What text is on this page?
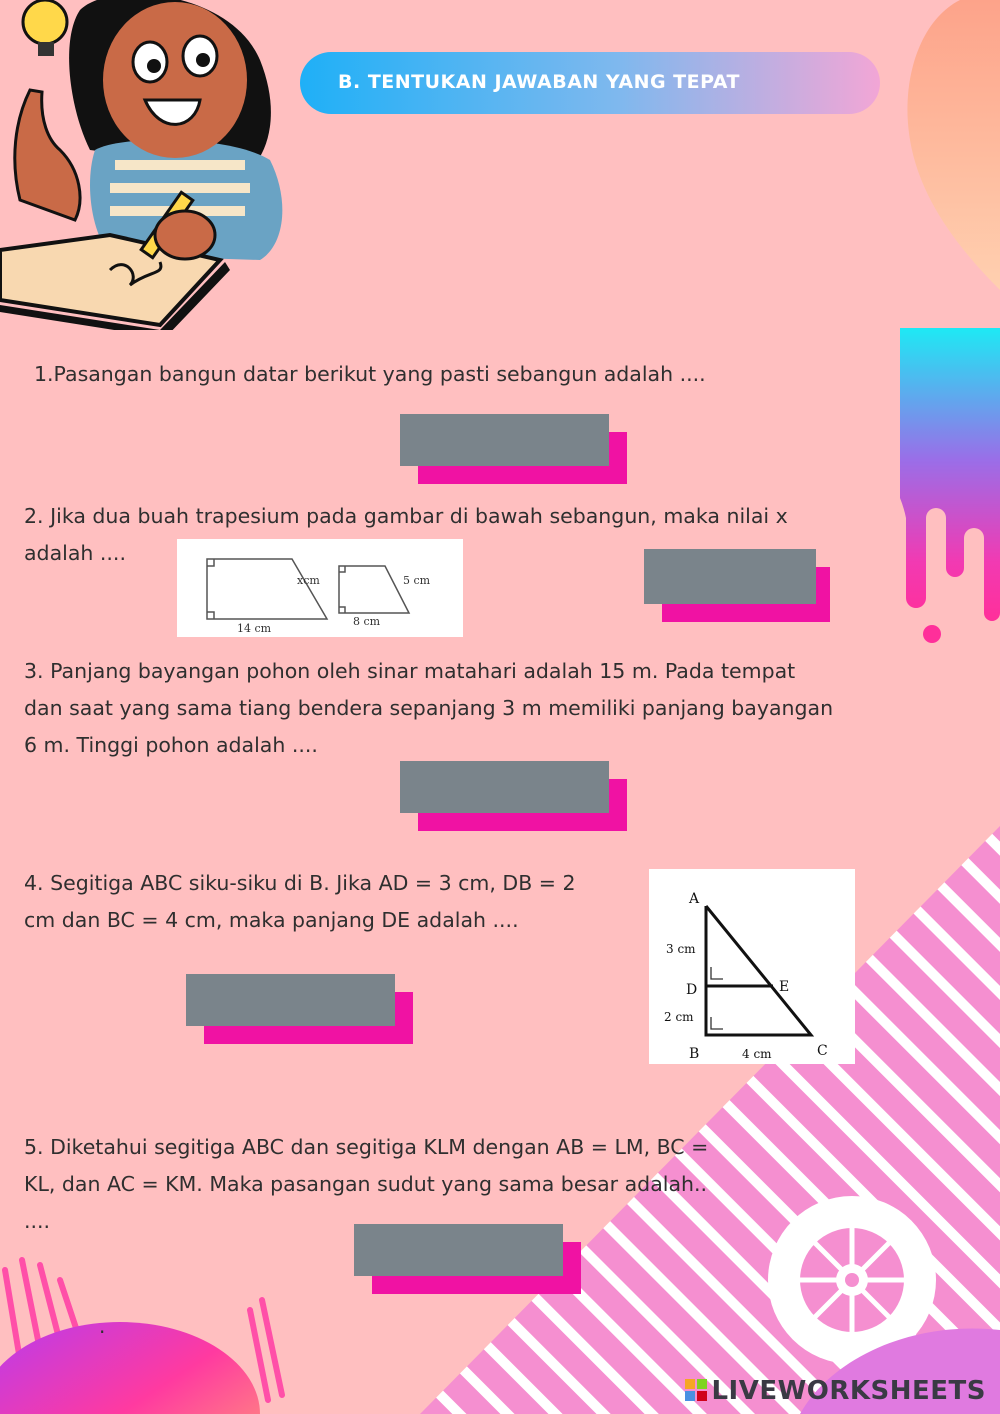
.
B. TENTUKAN JAWABAN YANG TEPAT
1.Pasangan bangun datar berikut yang pasti sebangun adalah ....
2. Jika dua buah trapesium pada gambar di bawah sebangun, maka nilai x
adalah ....
xcm
14 cm
5 cm
8 cm
3. Panjang bayangan pohon oleh sinar matahari adalah 15 m. Pada tempat
dan saat yang sama tiang bendera sepanjang 3 m memiliki panjang bayangan
6 m. Tinggi pohon adalah ....
4. Segitiga ABC siku-siku di B. Jika AD = 3 cm, DB = 2
cm dan BC = 4 cm, maka panjang DE adalah ....
A
D	E
B	C
3 cm
2 cm
4 cm
5. Diketahui segitiga ABC dan segitiga KLM dengan AB = LM, BC =
KL, dan AC = KM. Maka pasangan sudut yang sama besar adalah..
....
LIVEWORKSHEETS
